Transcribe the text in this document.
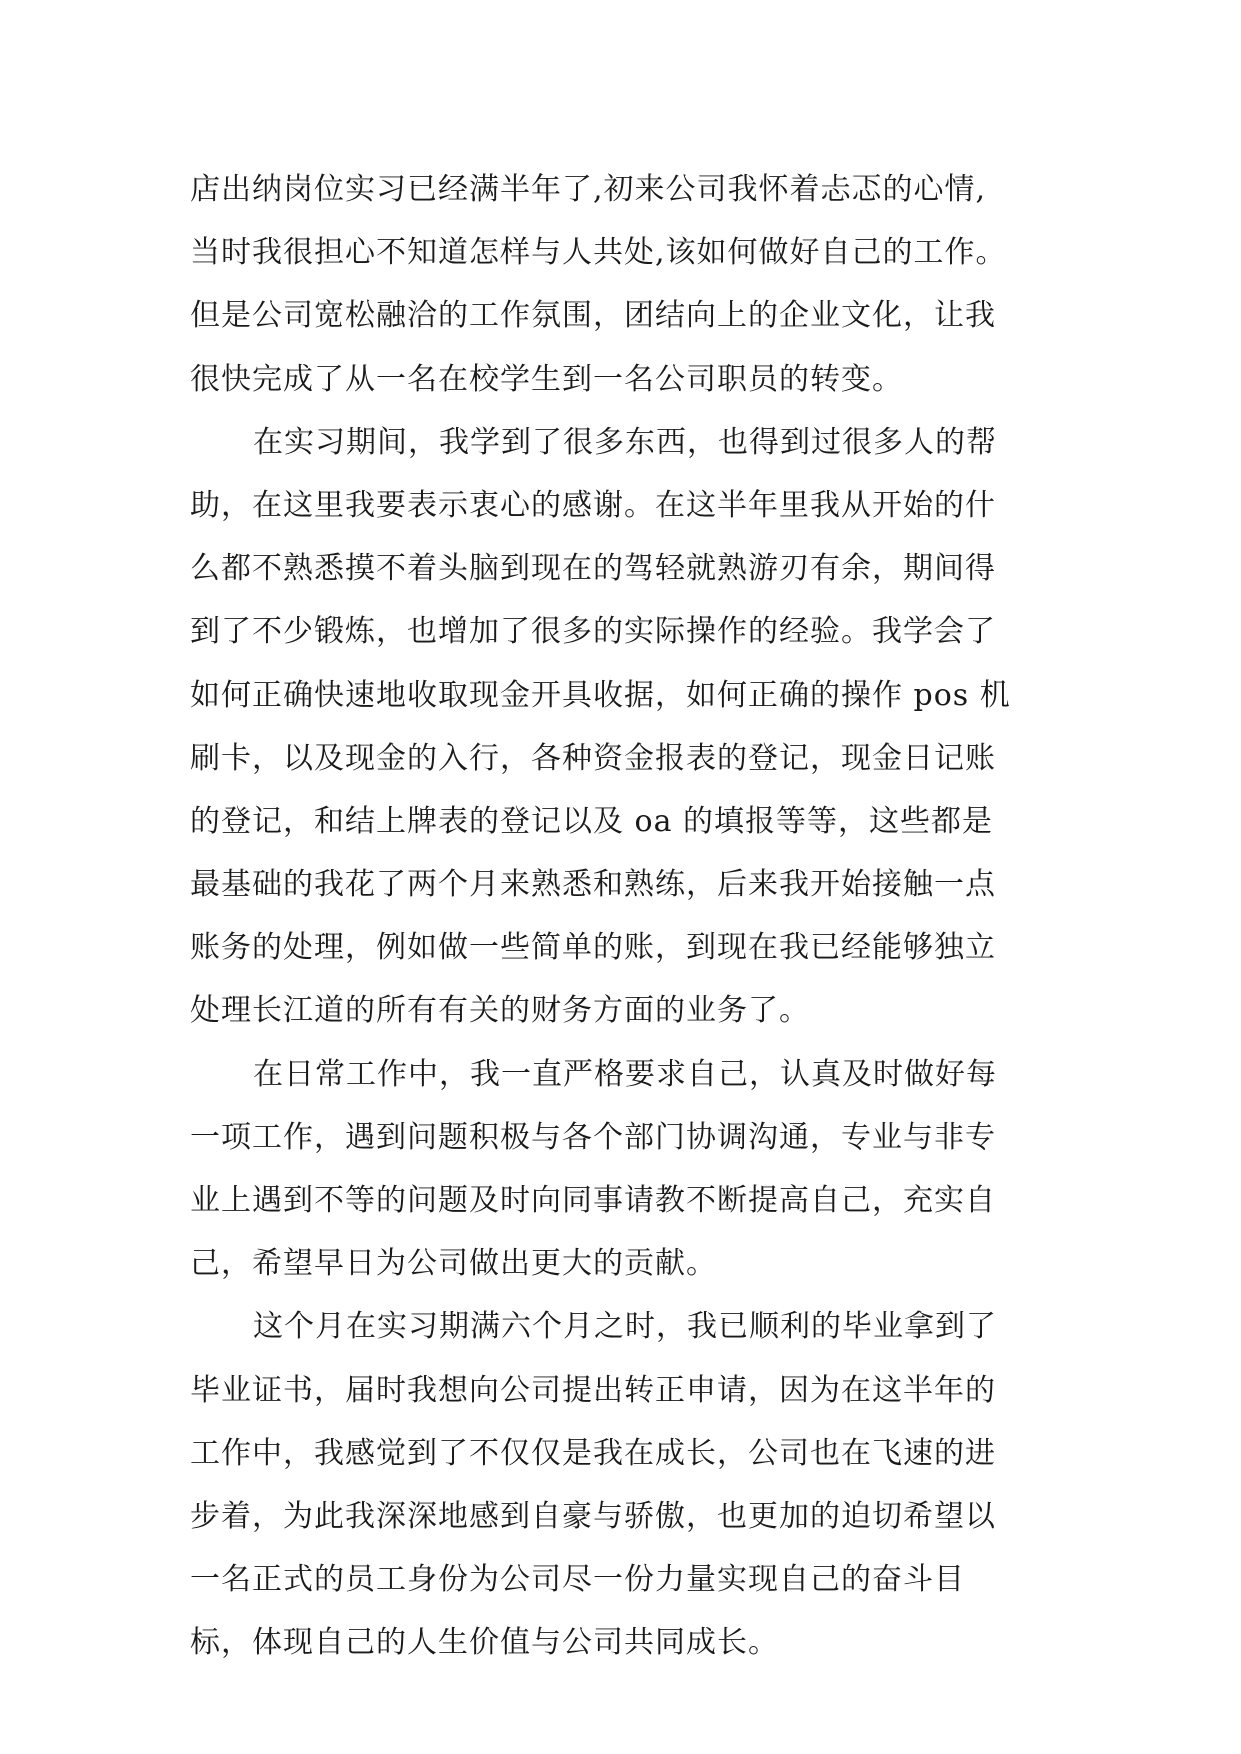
店出纳岗位实习已经满半年了,初来公司我怀着忐忑的心情,
当时我很担心不知道怎样与人共处,该如何做好自己的工作。
但是公司宽松融洽的工作氛围，团结向上的企业文化，让我
很快完成了从一名在校学生到一名公司职员的转变。
在实习期间，我学到了很多东西，也得到过很多人的帮
助，在这里我要表示衷心的感谢。在这半年里我从开始的什
么都不熟悉摸不着头脑到现在的驾轻就熟游刃有余，期间得
到了不少锻炼，也增加了很多的实际操作的经验。我学会了
如何正确快速地收取现金开具收据，如何正确的操作 pos 机
刷卡，以及现金的入行，各种资金报表的登记，现金日记账
的登记，和结上牌表的登记以及 oa 的填报等等，这些都是
最基础的我花了两个月来熟悉和熟练，后来我开始接触一点
账务的处理，例如做一些简单的账，到现在我已经能够独立
处理长江道的所有有关的财务方面的业务了。
在日常工作中，我一直严格要求自己，认真及时做好每
一项工作，遇到问题积极与各个部门协调沟通，专业与非专
业上遇到不等的问题及时向同事请教不断提高自己，充实自
己，希望早日为公司做出更大的贡献。
这个月在实习期满六个月之时，我已顺利的毕业拿到了
毕业证书，届时我想向公司提出转正申请，因为在这半年的
工作中，我感觉到了不仅仅是我在成长，公司也在飞速的进
步着，为此我深深地感到自豪与骄傲，也更加的迫切希望以
一名正式的员工身份为公司尽一份力量实现自己的奋斗目
标，体现自己的人生价值与公司共同成长。
